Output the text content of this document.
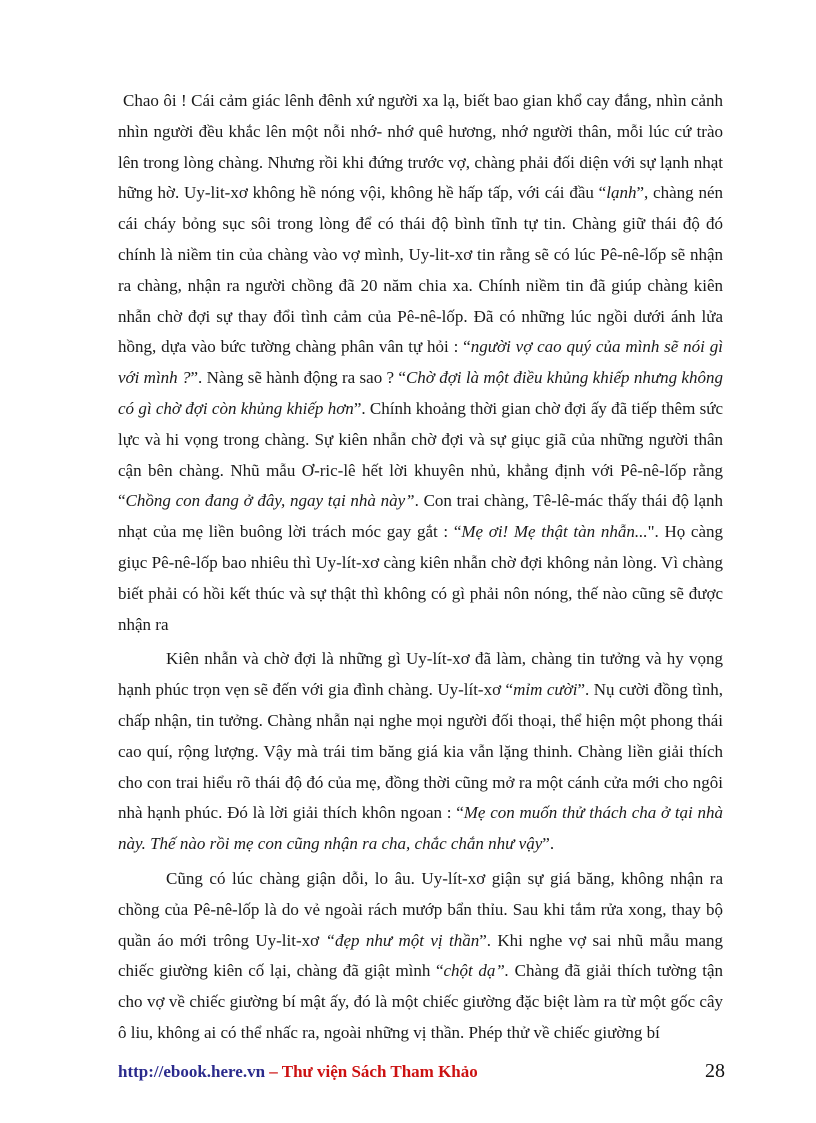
Chao ôi ! Cái cảm giác lênh đênh xứ người xa lạ, biết bao gian khổ cay đắng, nhìn cảnh nhìn người đều khắc lên một nỗi nhớ- nhớ quê hương, nhớ người thân, mỗi lúc cứ trào lên trong lòng chàng. Nhưng rồi khi đứng trước vợ, chàng phải đối diện với sự lạnh nhạt hững hờ. Uy-lit-xơ không hề nóng vội, không hề hấp tấp, với cái đầu “lạnh”, chàng nén cái cháy bỏng sục sôi trong lòng để có thái độ bình tĩnh tự tin. Chàng giữ thái độ đó chính là niềm tin của chàng vào vợ mình, Uy-lit-xơ tin rằng sẽ có lúc Pê-nê-lốp sẽ nhận ra chàng, nhận ra người chồng đã 20 năm chia xa. Chính niềm tin đã giúp chàng kiên nhẫn chờ đợi sự thay đổi tình cảm của Pê-nê-lốp. Đã có những lúc ngồi dưới ánh lửa hồng, dựa vào bức tường chàng phân vân tự hỏi : “người vợ cao quý của mình sẽ nói gì với mình ?”. Nàng sẽ hành động ra sao ? “Chờ đợi là một điều khủng khiếp nhưng không có gì chờ đợi còn khủng khiếp hơn”. Chính khoảng thời gian chờ đợi ấy đã tiếp thêm sức lực và hi vọng trong chàng. Sự kiên nhẫn chờ đợi và sự giục giã của những người thân cận bên chàng. Nhũ mẫu Ơ-ric-lê hết lời khuyên nhủ, khẳng định với Pê-nê-lốp rằng “Chồng con đang ở đây, ngay tại nhà này”. Con trai chàng, Tê-lê-mác thấy thái độ lạnh nhạt của mẹ liền buông lời trách móc gay gắt : “Mẹ ơi! Mẹ thật tàn nhẫn...". Họ càng giục Pê-nê-lốp bao nhiêu thì Uy-lít-xơ càng kiên nhẫn chờ đợi không nản lòng. Vì chàng biết phải có hồi kết thúc và sự thật thì không có gì phải nôn nóng, thế nào cũng sẽ được nhận ra

Kiên nhẫn và chờ đợi là những gì Uy-lít-xơ đã làm, chàng tin tưởng và hy vọng hạnh phúc trọn vẹn sẽ đến với gia đình chàng. Uy-lít-xơ “mỉm cười”. Nụ cười đồng tình, chấp nhận, tin tưởng. Chàng nhẫn nại nghe mọi người đối thoại, thể hiện một phong thái cao quí, rộng lượng. Vậy mà trái tim băng giá kia vẫn lặng thinh. Chàng liền giải thích cho con trai hiểu rõ thái độ đó của mẹ, đồng thời cũng mở ra một cánh cửa mới cho ngôi nhà hạnh phúc. Đó là lời giải thích khôn ngoan : “Mẹ con muốn thử thách cha ở tại nhà này. Thế nào rồi mẹ con cũng nhận ra cha, chắc chắn như vậy”.

Cũng có lúc chàng giận dỗi, lo âu. Uy-lít-xơ giận sự giá băng, không nhận ra chồng của Pê-nê-lốp là do vẻ ngoài rách mướp bẩn thỉu. Sau khi tắm rửa xong, thay bộ quần áo mới trông Uy-lit-xơ “đẹp như một vị thần”. Khi nghe vợ sai nhũ mẫu mang chiếc giường kiên cố lại, chàng đã giật mình “chột dạ”. Chàng đã giải thích tường tận cho vợ về chiếc giường bí mật ấy, đó là một chiếc giường đặc biệt làm ra từ một gốc cây ô liu, không ai có thể nhấc ra, ngoài những vị thần. Phép thử về chiếc giường bí

http://ebook.here.vn – Thư viện Sách Tham Khảo	28
